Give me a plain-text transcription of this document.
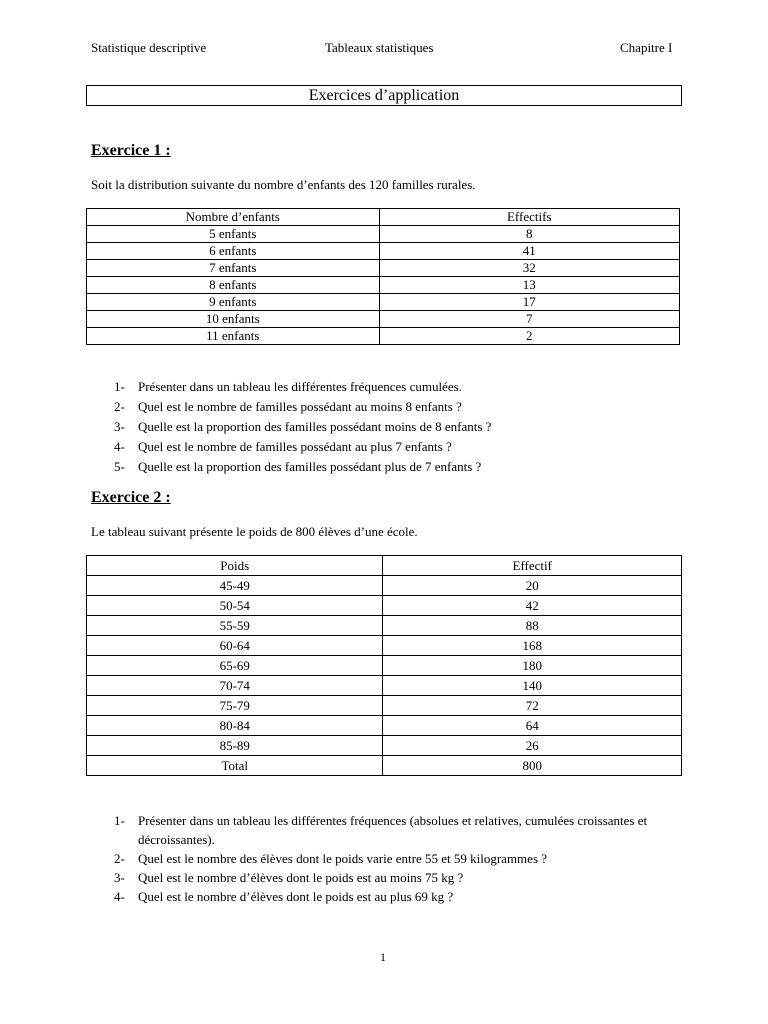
Statistique descriptive	Tableaux statistiques	Chapitre I
Exercices d’application
Exercice 1 :
Soit la distribution suivante du nombre d’enfants des 120 familles rurales.
Nombre d’enfants	Effectifs
5 enfants	8
6 enfants	41
7 enfants	32
8 enfants	13
9 enfants	17
10 enfants	7
11 enfants	2
1- Présenter dans un tableau les différentes fréquences cumulées.
2- Quel est le nombre de familles possédant au moins 8 enfants ?
3- Quelle est la proportion des familles possédant moins de 8 enfants ?
4- Quel est le nombre de familles possédant au plus 7 enfants ?
5- Quelle est la proportion des familles possédant plus de 7 enfants ?
Exercice 2 :
Le tableau suivant présente le poids de 800 élèves d’une école.
Poids	Effectif
45-49	20
50-54	42
55-59	88
60-64	168
65-69	180
70-74	140
75-79	72
80-84	64
85-89	26
Total	800
1- Présenter dans un tableau les différentes fréquences (absolues et relatives, cumulées croissantes et décroissantes).
2- Quel est le nombre des élèves dont le poids varie entre 55 et 59 kilogrammes ?
3- Quel est le nombre d’élèves dont le poids est au moins 75 kg ?
4- Quel est le nombre d’élèves dont le poids est au plus 69 kg ?
1
